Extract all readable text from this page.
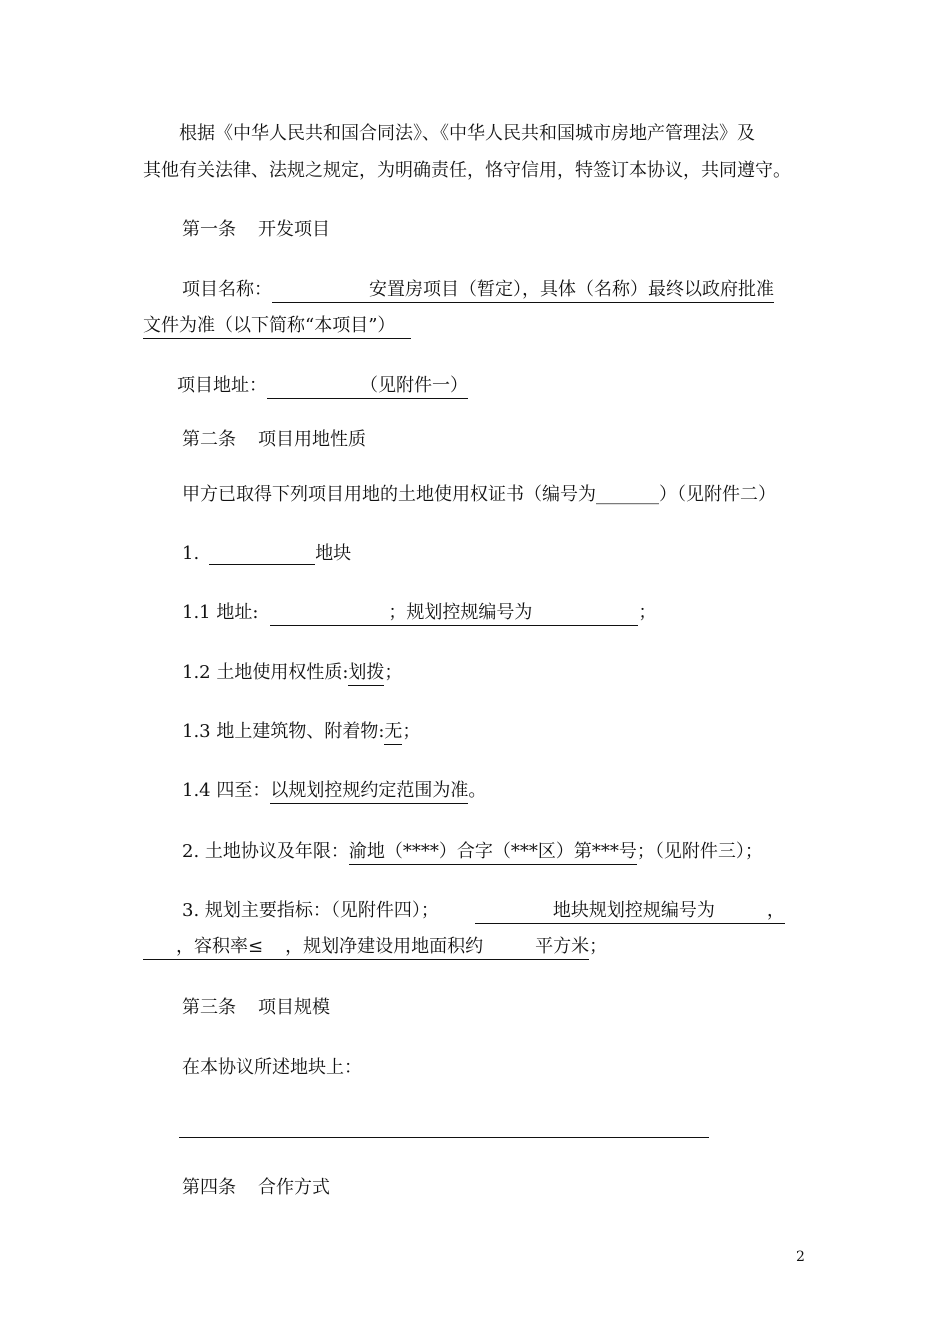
根据《中华人民共和国合同法》、《中华人民共和国城市房地产管理法》及
其他有关法律、法规之规定，为明确责任，恪守信用，特签订本协议，共同遵守。
第一条 开发项目
项目名称：	安置房项目（暂定），具体（名称）最终以政府批准
文件为准（以下简称“本项目”）
项目地址：	（见附件一）
第二条 项目用地性质
甲方已取得下列项目用地的土地使用权证书（编号为_______）（见附件二）
1.	地块
1.1 地址:	；规划控规编号为	；
1.2 土地使用权性质:划拨；
1.3 地上建筑物、附着物:无；
1.4 四至：以规划控规约定范围为准。
2. 土地协议及年限：渝地（****）合字（***区）第***号；（见附件三）；
3. 规划主要指标：（见附件四）；	地块规划控规编号为	，
，容积率≤ ，规划净建设用地面积约	平方米；
第三条 项目规模
在本协议所述地块上：
第四条 合作方式
2
